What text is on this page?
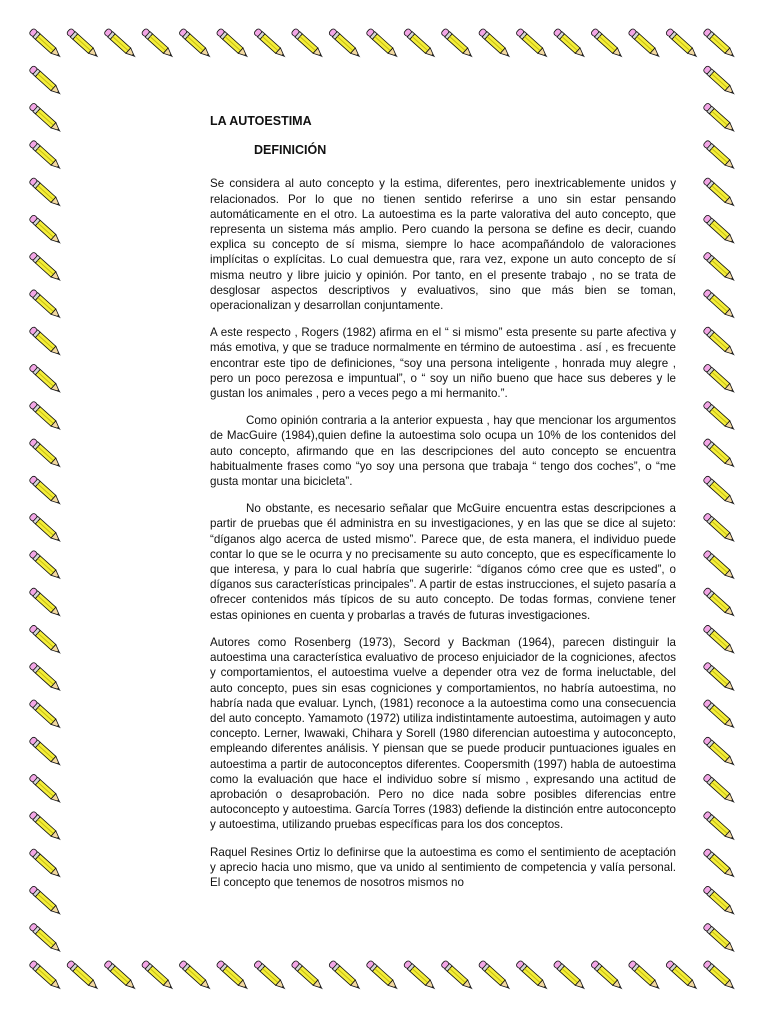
LA AUTOESTIMA
DEFINICIÓN

Se considera al auto concepto y la estima, diferentes, pero inextricablemente unidos y relacionados. Por lo que no tienen sentido referirse a uno sin estar pensando automáticamente en el otro. La autoestima es la parte valorativa del auto concepto, que representa un sistema más amplio. Pero cuando la persona se define es decir, cuando explica su concepto de sí misma, siempre lo hace acompañándolo de valoraciones implícitas o explícitas. Lo cual demuestra que, rara vez, expone un auto concepto de sí misma neutro y libre juicio y opinión. Por tanto, en el presente trabajo , no se trata de desglosar aspectos descriptivos y evaluativos, sino que más bien se toman, operacionalizan y desarrollan conjuntamente.

A este respecto , Rogers (1982) afirma en el “ si mismo” esta presente su parte afectiva y más emotiva, y que se traduce normalmente en término de autoestima . así , es frecuente encontrar este tipo de definiciones, “soy una persona inteligente , honrada muy alegre , pero un poco perezosa e impuntual”, o “ soy un niño bueno que hace sus deberes y le gustan los animales , pero a veces pego a mi hermanito.”.

Como opinión contraria a la anterior expuesta , hay que mencionar los argumentos de MacGuire (1984),quien define la autoestima solo ocupa un 10% de los contenidos del auto concepto, afirmando que en las descripciones del auto concepto se encuentra habitualmente frases como “yo soy una persona que trabaja “ tengo dos coches”, o “me gusta montar una bicicleta”.

No obstante, es necesario señalar que McGuire encuentra estas descripciones a partir de pruebas que él administra en su investigaciones, y en las que se dice al sujeto: “díganos algo acerca de usted mismo”. Parece que, de esta manera, el individuo puede contar lo que se le ocurra y no precisamente su auto concepto, que es específicamente lo que interesa, y para lo cual habría que sugerirle: “díganos cómo cree que es usted”, o díganos sus características principales”. A partir de estas instrucciones, el sujeto pasaría a ofrecer contenidos más típicos de su auto concepto. De todas formas, conviene tener estas opiniones en cuenta y probarlas a través de futuras investigaciones.

Autores como Rosenberg (1973), Secord y Backman (1964), parecen distinguir la autoestima una característica evaluativo de proceso enjuiciador de la cogniciones, afectos y comportamientos, el autoestima vuelve a depender otra vez de forma ineluctable, del auto concepto, pues sin esas cogniciones y comportamientos, no habría autoestima, no habría nada que evaluar. Lynch, (1981) reconoce a la autoestima como una consecuencia del auto concepto. Yamamoto (1972) utiliza indistintamente autoestima, autoimagen y auto concepto. Lerner, Iwawaki, Chihara y Sorell (1980 diferencian autoestima y autoconcepto, empleando diferentes análisis. Y piensan que se puede producir puntuaciones iguales en autoestima a partir de autoconceptos diferentes. Coopersmith (1997) habla de autoestima como la evaluación que hace el individuo sobre sí mismo , expresando una actitud de aprobación o desaprobación. Pero no dice nada sobre posibles diferencias entre autoconcepto y autoestima. García Torres (1983) defiende la distinción entre autoconcepto y autoestima, utilizando pruebas específicas para los dos conceptos.

Raquel Resines Ortiz lo definirse que la autoestima es como el sentimiento de aceptación y aprecio hacia uno mismo, que va unido al sentimiento de competencia y valía personal. El concepto que tenemos de nosotros mismos no
